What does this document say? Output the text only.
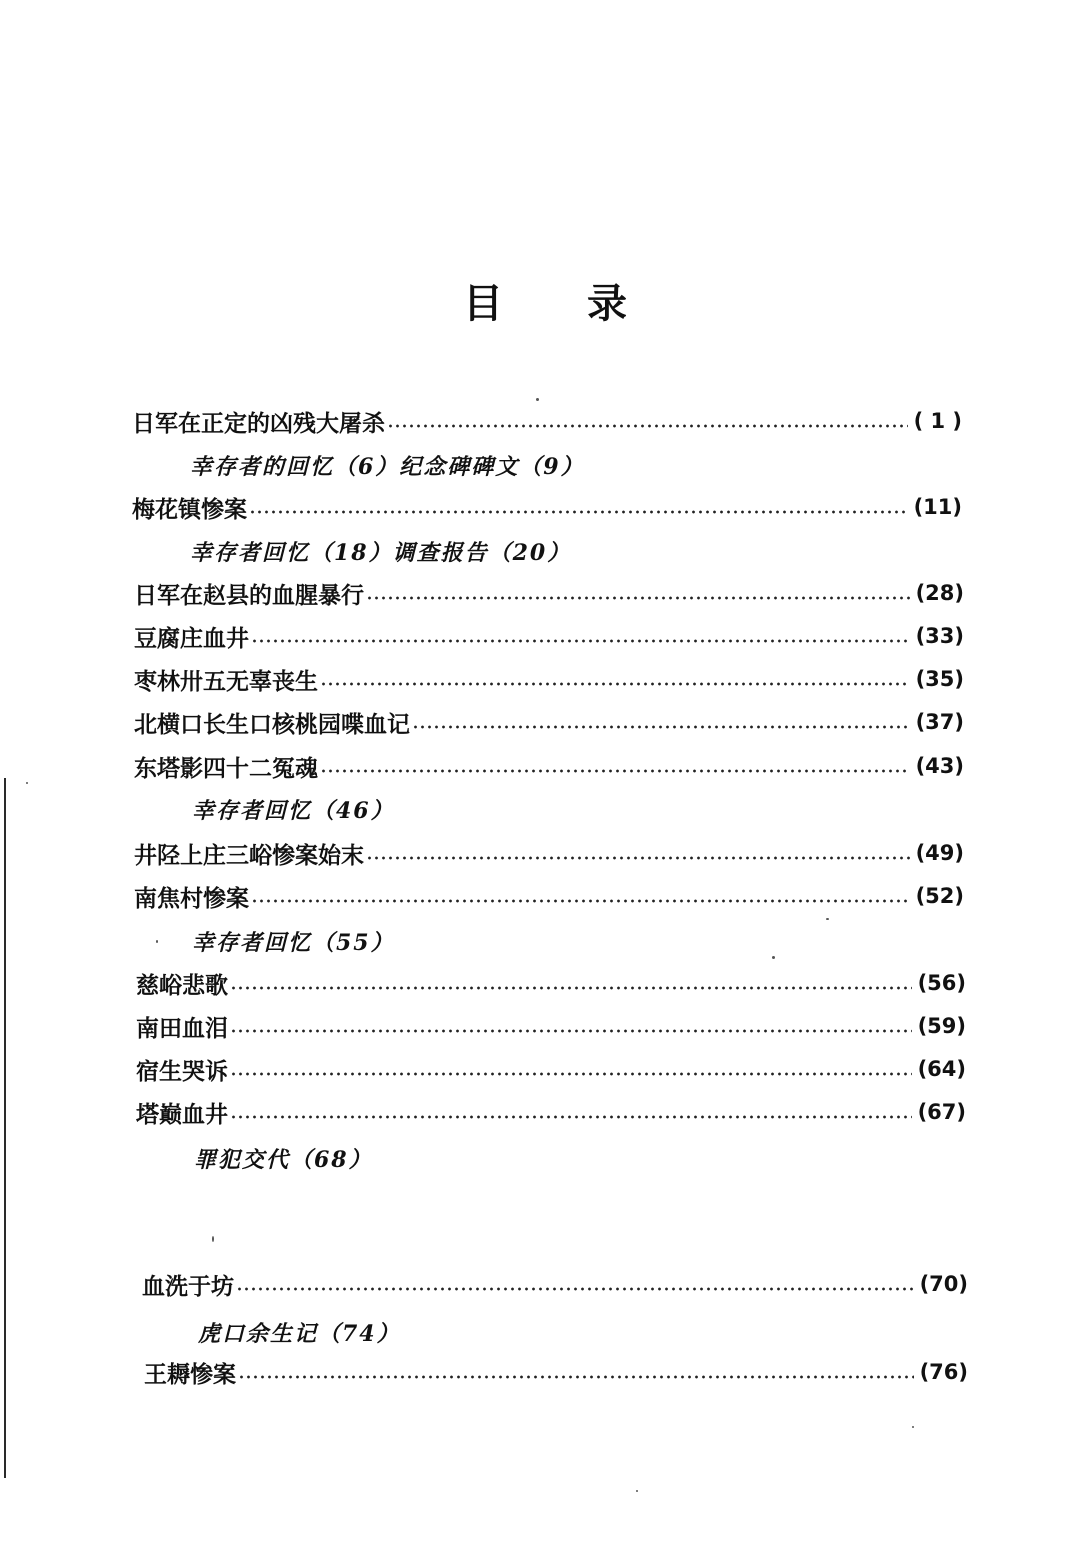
目 录
日军在正定的凶残大屠杀	( 1 )
幸存者的回忆（6）纪念碑碑文（9）
梅花镇惨案	(11)
幸存者回忆（18）调查报告（20）
日军在赵县的血腥暴行	(28)
豆腐庄血井	(33)
枣林卅五无辜丧生	(35)
北横口长生口核桃园喋血记	(37)
东塔影四十二冤魂	(43)
幸存者回忆（46）
井陉上庄三峪惨案始末	(49)
南焦村惨案	(52)
幸存者回忆（55）
慈峪悲歌	(56)
南田血泪	(59)
宿生哭诉	(64)
塔巅血井	(67)
罪犯交代（68）
血洗于坊	(70)
虎口余生记（74）
王耨惨案	(76)
